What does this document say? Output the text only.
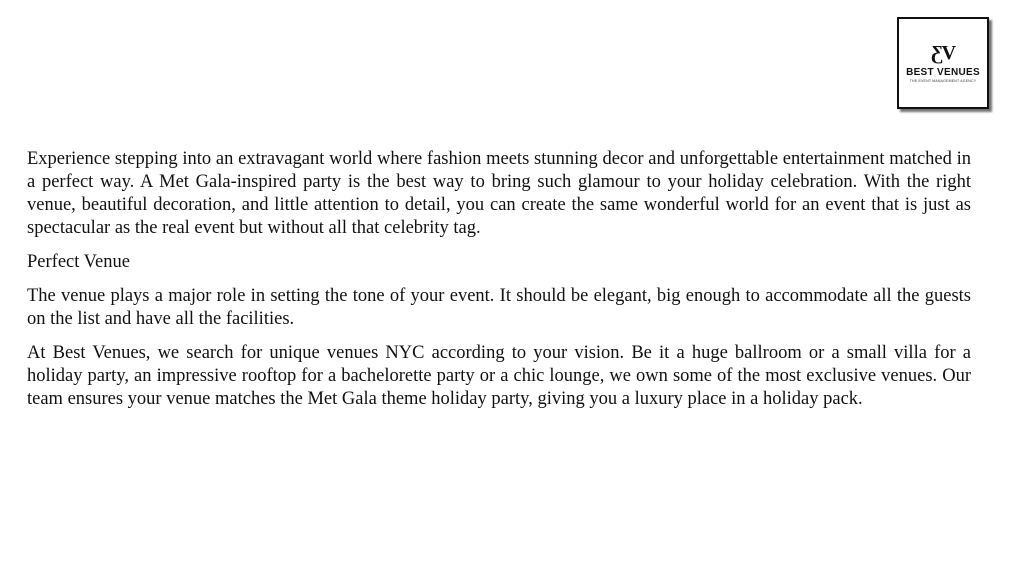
ƸV
BEST VENUES
THE EVENT MANAGEMENT AGENCY

Experience stepping into an extravagant world where fashion meets stunning decor and unforgettable entertainment matched in a perfect way. A Met Gala-inspired party is the best way to bring such glamour to your holiday celebration. With the right venue, beautiful decoration, and little attention to detail, you can create the same wonderful world for an event that is just as spectacular as the real event but without all that celebrity tag.

Perfect Venue

The venue plays a major role in setting the tone of your event. It should be elegant, big enough to accommodate all the guests on the list and have all the facilities.

At Best Venues, we search for unique venues NYC according to your vision. Be it a huge ballroom or a small villa for a holiday party, an impressive rooftop for a bachelorette party or a chic lounge, we own some of the most exclusive venues. Our team ensures your venue matches the Met Gala theme holiday party, giving you a luxury place in a holiday pack.
